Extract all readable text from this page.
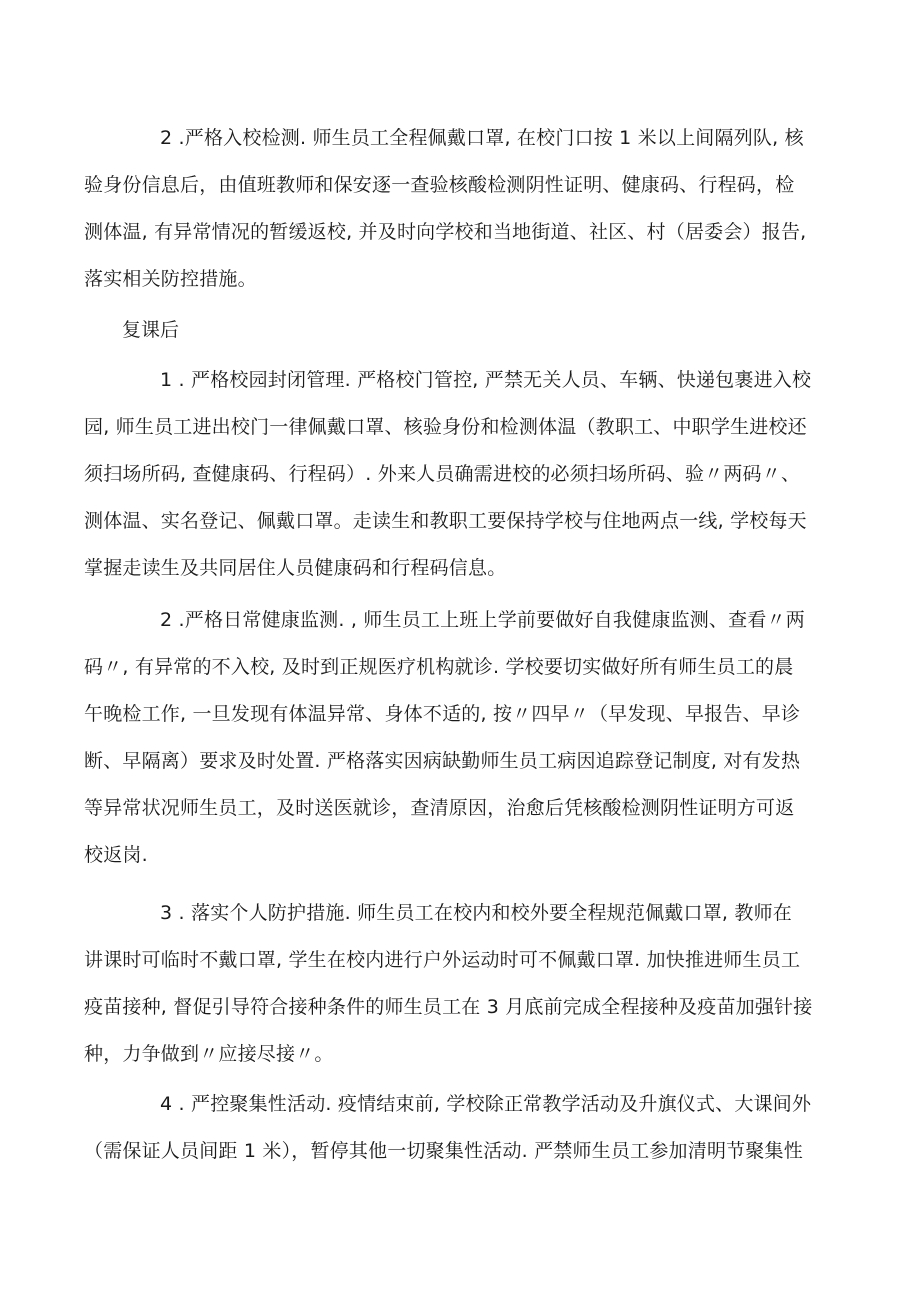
2 .严格入校检测. 师生员工全程佩戴口罩, 在校门口按 1 米以上间隔列队, 核
验身份信息后，由值班教师和保安逐一查验核酸检测阴性证明、健康码、行程码，检
测体温, 有异常情况的暂缓返校, 并及时向学校和当地街道、社区、村（居委会）报告,
落实相关防控措施。
复课后
1 . 严格校园封闭管理. 严格校门管控, 严禁无关人员、车辆、快递包裹进入校
园, 师生员工进出校门一律佩戴口罩、核验身份和检测体温（教职工、中职学生进校还
须扫场所码, 查健康码、行程码）. 外来人员确需进校的必须扫场所码、验〃两码〃、
测体温、实名登记、佩戴口罩。走读生和教职工要保持学校与住地两点一线, 学校每天
掌握走读生及共同居住人员健康码和行程码信息。
2 .严格日常健康监测. , 师生员工上班上学前要做好自我健康监测、查看〃两
码〃, 有异常的不入校, 及时到正规医疗机构就诊. 学校要切实做好所有师生员工的晨
午晚检工作, 一旦发现有体温异常、身体不适的, 按〃四早〃（早发现、早报告、早诊
断、早隔离）要求及时处置. 严格落实因病缺勤师生员工病因追踪登记制度, 对有发热
等异常状况师生员工，及时送医就诊，查清原因，治愈后凭核酸检测阴性证明方可返
校返岗.
3 . 落实个人防护措施. 师生员工在校内和校外要全程规范佩戴口罩, 教师在
讲课时可临时不戴口罩, 学生在校内进行户外运动时可不佩戴口罩. 加快推进师生员工
疫苗接种, 督促引导符合接种条件的师生员工在 3 月底前完成全程接种及疫苗加强针接
种，力争做到〃应接尽接〃。
4 . 严控聚集性活动. 疫情结束前, 学校除正常教学活动及升旗仪式、大课间外
（需保证人员间距 1 米），暂停其他一切聚集性活动. 严禁师生员工参加清明节聚集性
